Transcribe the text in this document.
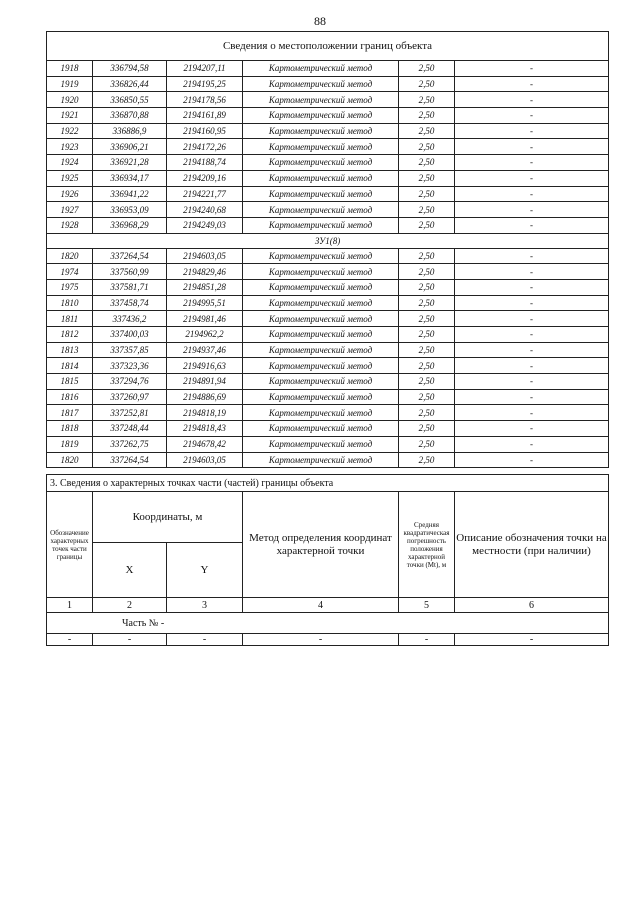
88
Сведения о местоположении границ объекта					
1918	336794,58	2194207,11	Картометрический метод	2,50	-
1919	336826,44	2194195,25	Картометрический метод	2,50	-
1920	336850,55	2194178,56	Картометрический метод	2,50	-
1921	336870,88	2194161,89	Картометрический метод	2,50	-
1922	336886,9	2194160,95	Картометрический метод	2,50	-
1923	336906,21	2194172,26	Картометрический метод	2,50	-
1924	336921,28	2194188,74	Картометрический метод	2,50	-
1925	336934,17	2194209,16	Картометрический метод	2,50	-
1926	336941,22	2194221,77	Картометрический метод	2,50	-
1927	336953,09	2194240,68	Картометрический метод	2,50	-
1928	336968,29	2194249,03	Картометрический метод	2,50	-
ЗУ1(8)					
1820	337264,54	2194603,05	Картометрический метод	2,50	-
1974	337560,99	2194829,46	Картометрический метод	2,50	-
1975	337581,71	2194851,28	Картометрический метод	2,50	-
1810	337458,74	2194995,51	Картометрический метод	2,50	-
1811	337436,2	2194981,46	Картометрический метод	2,50	-
1812	337400,03	2194962,2	Картометрический метод	2,50	-
1813	337357,85	2194937,46	Картометрический метод	2,50	-
1814	337323,36	2194916,63	Картометрический метод	2,50	-
1815	337294,76	2194891,94	Картометрический метод	2,50	-
1816	337260,97	2194886,69	Картометрический метод	2,50	-
1817	337252,81	2194818,19	Картометрический метод	2,50	-
1818	337248,44	2194818,43	Картометрический метод	2,50	-
1819	337262,75	2194678,42	Картометрический метод	2,50	-
1820	337264,54	2194603,05	Картометрический метод	2,50	-
3. Сведения о характерных точках части (частей) границы объекта					
Обозначение характерных точек части границы	Координаты, м		Метод определения координат характерной точки	Средняя квадратическая погрешность положения характерной точки (Mt), м	Описание обозначения точки на местности (при наличии)
	X	Y			
1	2	3	4	5	6
Часть № -					
-	-	-	-	-	-
